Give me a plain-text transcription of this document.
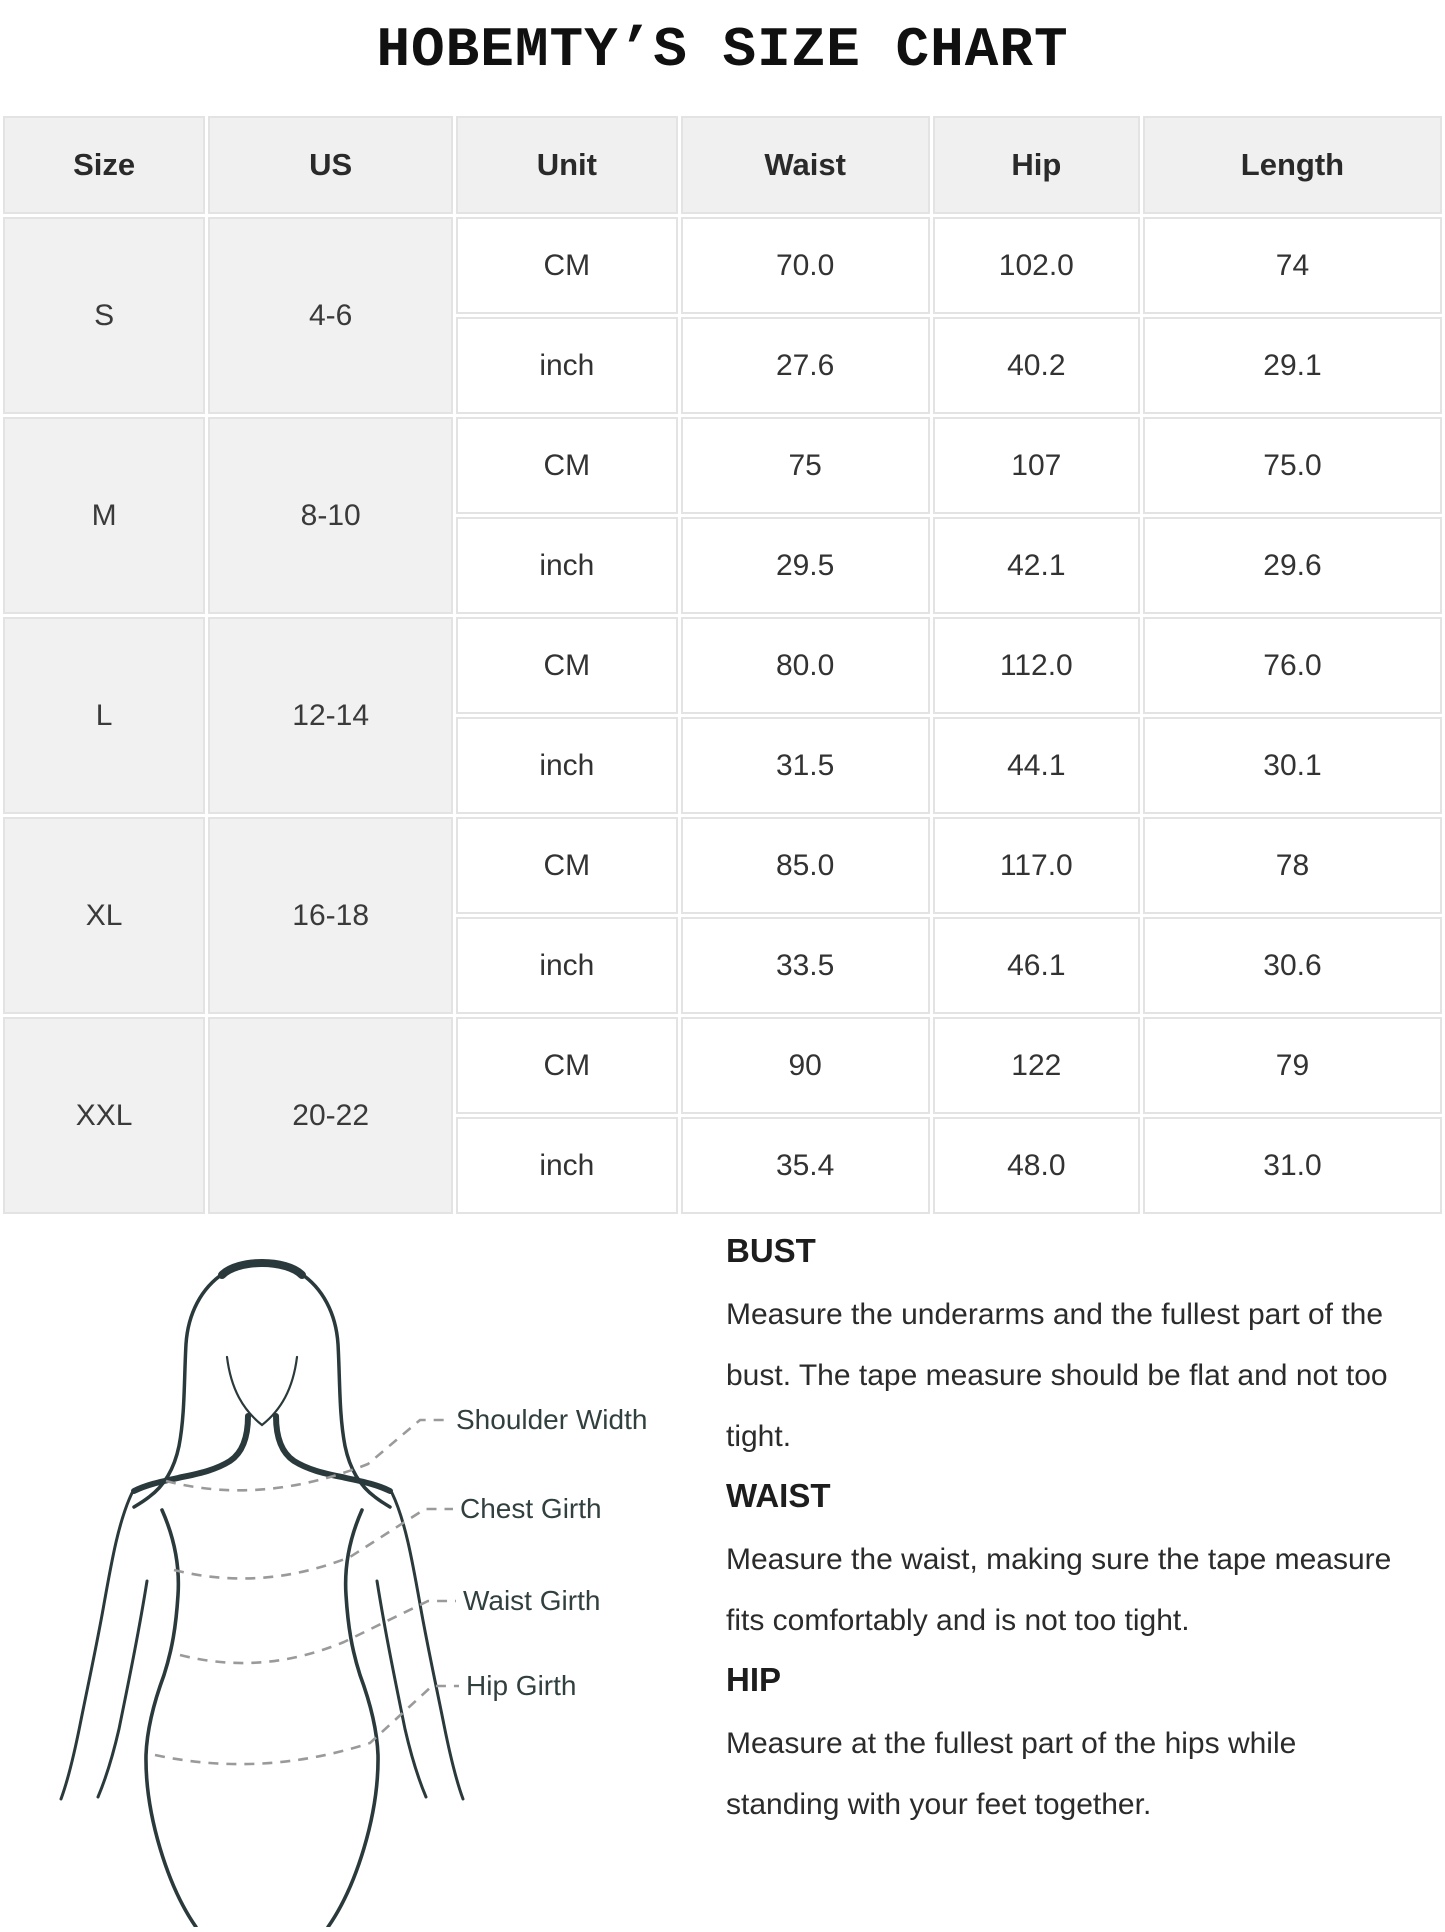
HOBEMTY’S SIZE CHART
Size	US	Unit	Waist	Hip	Length
S	4-6	CM	70.0	102.0	74
		inch	27.6	40.2	29.1
M	8-10	CM	75	107	75.0
		inch	29.5	42.1	29.6
L	12-14	CM	80.0	112.0	76.0
		inch	31.5	44.1	30.1
XL	16-18	CM	85.0	117.0	78
		inch	33.5	46.1	30.6
XXL	20-22	CM	90	122	79
		inch	35.4	48.0	31.0
Shoulder Width
Chest Girth
Waist Girth
Hip Girth
BUST

Measure the underarms and the fullest part of the bust. The tape measure should be flat and not too tight.

WAIST

Measure the waist, making sure the tape measure fits comfortably and is not too tight.

HIP

Measure at the fullest part of the hips while standing with your feet together.
